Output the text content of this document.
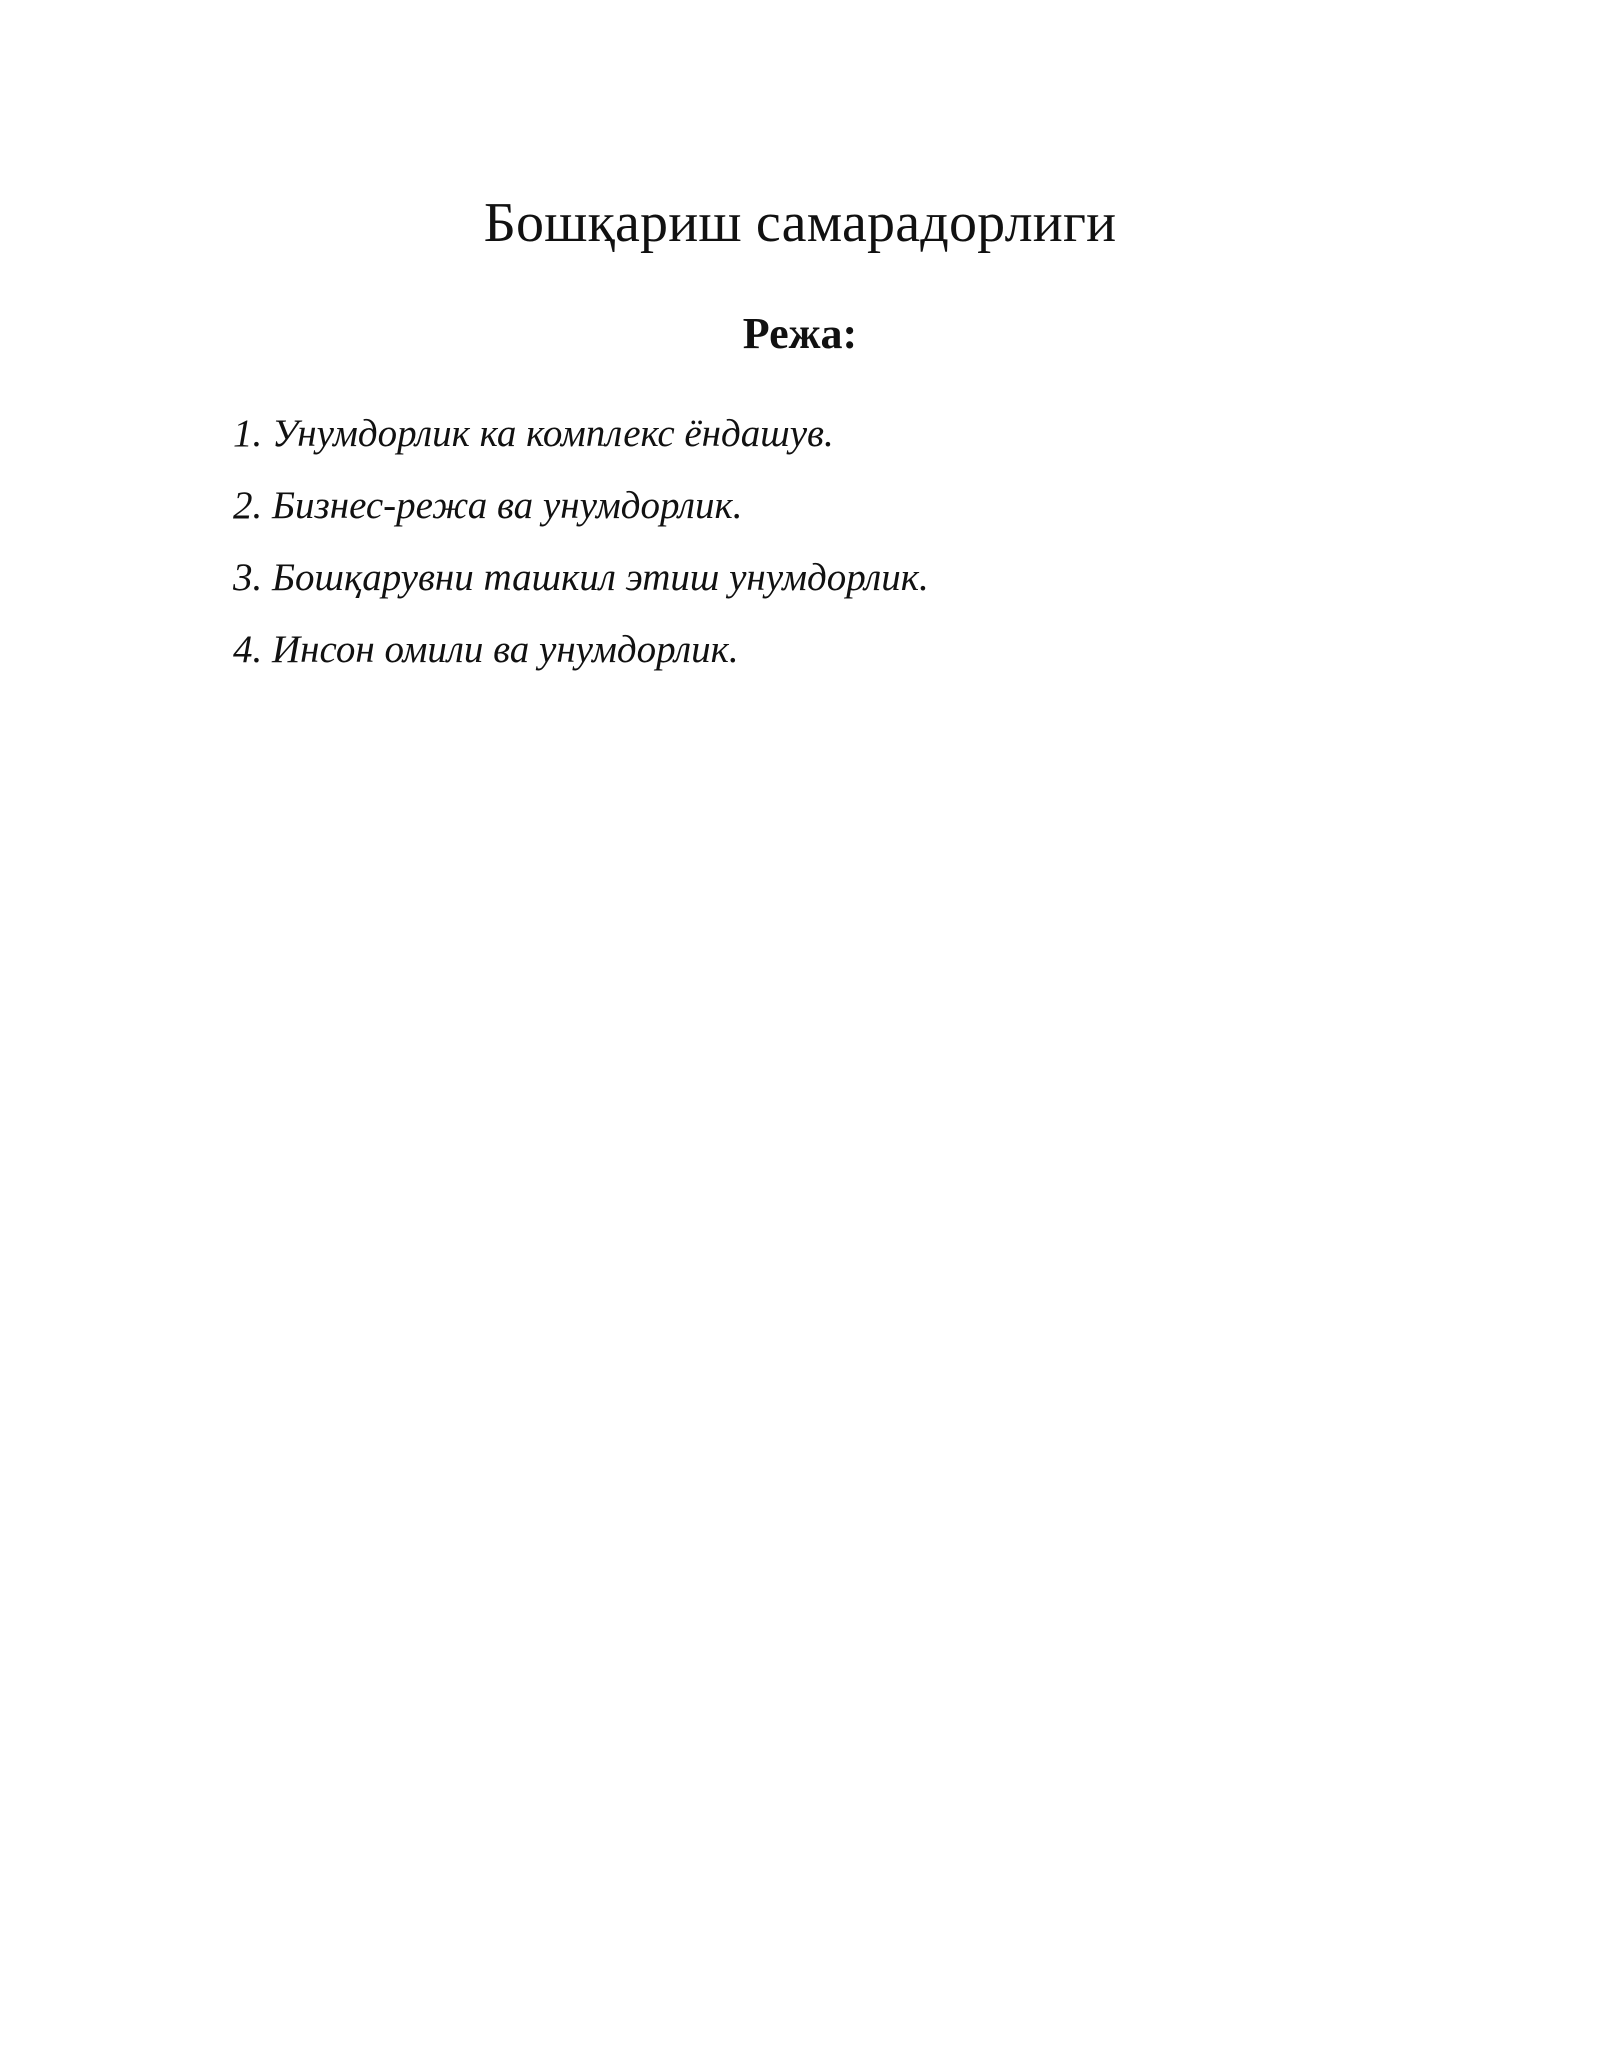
Бошқариш самарадорлиги
Режа:
1. Унумдорлик ка комплекс ёндашув.
2. Бизнес-режа ва унумдорлик.
3. Бошқарувни ташкил этиш унумдорлик.
4. Инсон омили ва унумдорлик.
